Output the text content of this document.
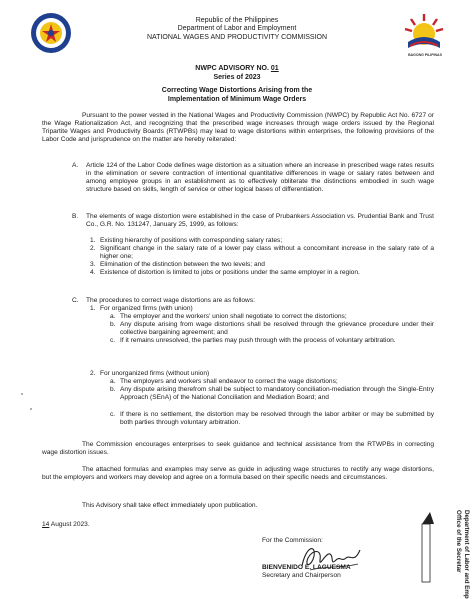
Republic of the Philippines
Department of Labor and Employment
NATIONAL WAGES AND PRODUCTIVITY COMMISSION
BAGONG PILIPINAS
NWPC ADVISORY NO. 01
Series of 2023
Correcting Wage Distortions Arising from the
Implementation of Minimum Wage Orders
Pursuant to the power vested in the National Wages and Productivity Commission (NWPC) by Republic Act No. 6727 or the Wage Rationalization Act, and recognizing that the prescribed wage increases through wage orders issued by the Regional Tripartite Wages and Productivity Boards (RTWPBs) may lead to wage distortions within enterprises, the following provisions of the Labor Code and jurisprudence on the matter are hereby reiterated:
A. Article 124 of the Labor Code defines wage distortion as a situation where an increase in prescribed wage rates results in the elimination or severe contraction of intentional quantitative differences in wage or salary rates between and among employee groups in an establishment as to effectively obliterate the distinctions embodied in such wage structure based on skills, length of service or other logical bases of differentiation.
B. The elements of wage distortion were established in the case of Prubankers Association vs. Prudential Bank and Trust Co., G.R. No. 131247, January 25, 1999, as follows:
1. Existing hierarchy of positions with corresponding salary rates;
2. Significant change in the salary rate of a lower pay class without a concomitant increase in the salary rate of a higher one;
3. Elimination of the distinction between the two levels; and
4. Existence of distortion is limited to jobs or positions under the same employer in a region.
C. The procedures to correct wage distortions are as follows:
1. For organized firms (with union)
a. The employer and the workers' union shall negotiate to correct the distortions;
b. Any dispute arising from wage distortions shall be resolved through the grievance procedure under their collective bargaining agreement; and
c. If it remains unresolved, the parties may push through with the process of voluntary arbitration.
2. For unorganized firms (without union)
a. The employers and workers shall endeavor to correct the wage distortions;
b. Any dispute arising therefrom shall be subject to mandatory conciliation-mediation through the Single-Entry Approach (SEnA) of the National Conciliation and Mediation Board; and
c. If there is no settlement, the distortion may be resolved through the labor arbiter or may be submitted by both parties through voluntary arbitration.
The Commission encourages enterprises to seek guidance and technical assistance from the RTWPBs in correcting wage distortion issues.
The attached formulas and examples may serve as guide in adjusting wage structures to rectify any wage distortions, but the employers and workers may develop and agree on a formula based on their specific needs and circumstances.
This Advisory shall take effect immediately upon publication.
14 August 2023.
For the Commission:
BIENVENIDO E. LAGUESMA
Secretary and Chairperson	Department of Labor and Emp
Office of the Secretar
